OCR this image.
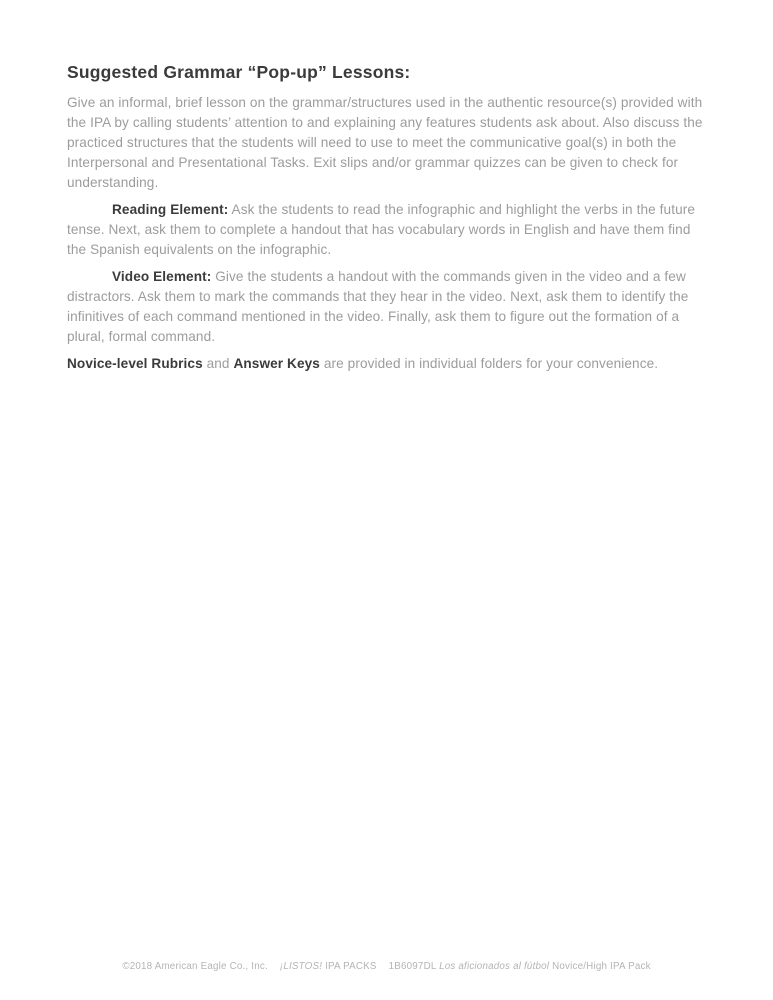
Suggested Grammar “Pop-up” Lessons:

Give an informal, brief lesson on the grammar/structures used in the authentic resource(s) provided with the IPA by calling students’ attention to and explaining any features students ask about. Also discuss the practiced structures that the students will need to use to meet the communicative goal(s) in both the Interpersonal and Presentational Tasks. Exit slips and/or grammar quizzes can be given to check for understanding.

Reading Element: Ask the students to read the infographic and highlight the verbs in the future tense. Next, ask them to complete a handout that has vocabulary words in English and have them find the Spanish equivalents on the infographic.

Video Element: Give the students a handout with the commands given in the video and a few distractors. Ask them to mark the commands that they hear in the video. Next, ask them to identify the infinitives of each command mentioned in the video. Finally, ask them to figure out the formation of a plural, formal command.

Novice-level Rubrics and Answer Keys are provided in individual folders for your convenience.

©2018 American Eagle Co., Inc. ¡LISTOS! IPA PACKS 1B6097DL Los aficionados al fútbol Novice/High IPA Pack
